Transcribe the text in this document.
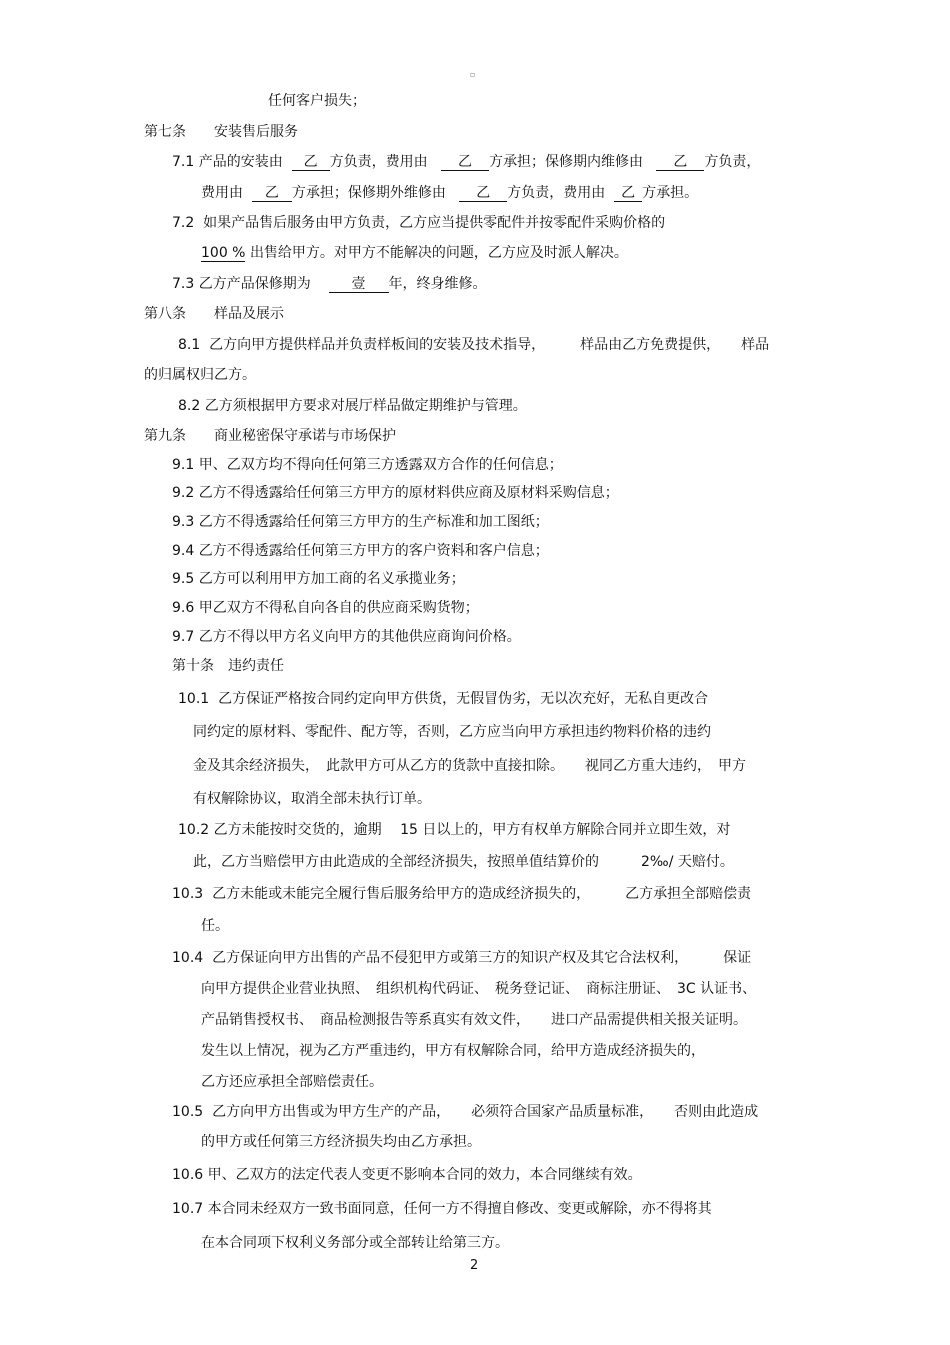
▫
任何客户损失；
第七条　　安装售后服务
7.1 产品的安装由 乙 方负责，费用由 乙 方承担；保修期内维修由 乙 方负责，
费用由 乙 方承担；保修期外维修由 乙 方负责，费用由 乙 方承担。
7.2  如果产品售后服务由甲方负责，乙方应当提供零配件并按零配件采购价格的
100 % 出售给甲方。对甲方不能解决的问题，乙方应及时派人解决。
7.3 乙方产品保修期为	壹 年，终身维修。
第八条　　样品及展示
8.1  乙方向甲方提供样品并负责样板间的安装及技术指导，　　　样品由乙方免费提供，　　样品
的归属权归乙方。
8.2 乙方须根据甲方要求对展厅样品做定期维护与管理。
第九条　　商业秘密保守承诺与市场保护
9.1 甲、乙双方均不得向任何第三方透露双方合作的任何信息；
9.2 乙方不得透露给任何第三方甲方的原材料供应商及原材料采购信息；
9.3 乙方不得透露给任何第三方甲方的生产标准和加工图纸；
9.4 乙方不得透露给任何第三方甲方的客户资料和客户信息；
9.5 乙方可以利用甲方加工商的名义承揽业务；
9.6 甲乙双方不得私自向各自的供应商采购货物；
9.7 乙方不得以甲方名义向甲方的其他供应商询问价格。
第十条　违约责任
10.1  乙方保证严格按合同约定向甲方供货，无假冒伪劣，无以次充好，无私自更改合
同约定的原材料、零配件、配方等，否则，乙方应当向甲方承担违约物料价格的违约
金及其余经济损失，　此款甲方可从乙方的货款中直接扣除。　　视同乙方重大违约，　甲方
有权解除协议，取消全部未执行订单。
10.2 乙方未能按时交货的，逾期　 15 日以上的，甲方有权单方解除合同并立即生效，对
此，乙方当赔偿甲方由此造成的全部经济损失，按照单值结算价的　　　2‰/ 天赔付。
10.3  乙方未能或未能完全履行售后服务给甲方的造成经济损失的，　　　乙方承担全部赔偿责
任。
10.4  乙方保证向甲方出售的产品不侵犯甲方或第三方的知识产权及其它合法权利，　　　保证
向甲方提供企业营业执照、　组织机构代码证、　税务登记证、　商标注册证、　3C 认证书、
产品销售授权书、　商品检测报告等系真实有效文件，　　进口产品需提供相关报关证明。
发生以上情况，视为乙方严重违约，甲方有权解除合同，给甲方造成经济损失的，
乙方还应承担全部赔偿责任。
10.5  乙方向甲方出售或为甲方生产的产品，　　必须符合国家产品质量标准，　　否则由此造成
的甲方或任何第三方经济损失均由乙方承担。
10.6 甲、乙双方的法定代表人变更不影响本合同的效力，本合同继续有效。
10.7 本合同未经双方一致书面同意，任何一方不得擅自修改、变更或解除，亦不得将其
在本合同项下权利义务部分或全部转让给第三方。
2
